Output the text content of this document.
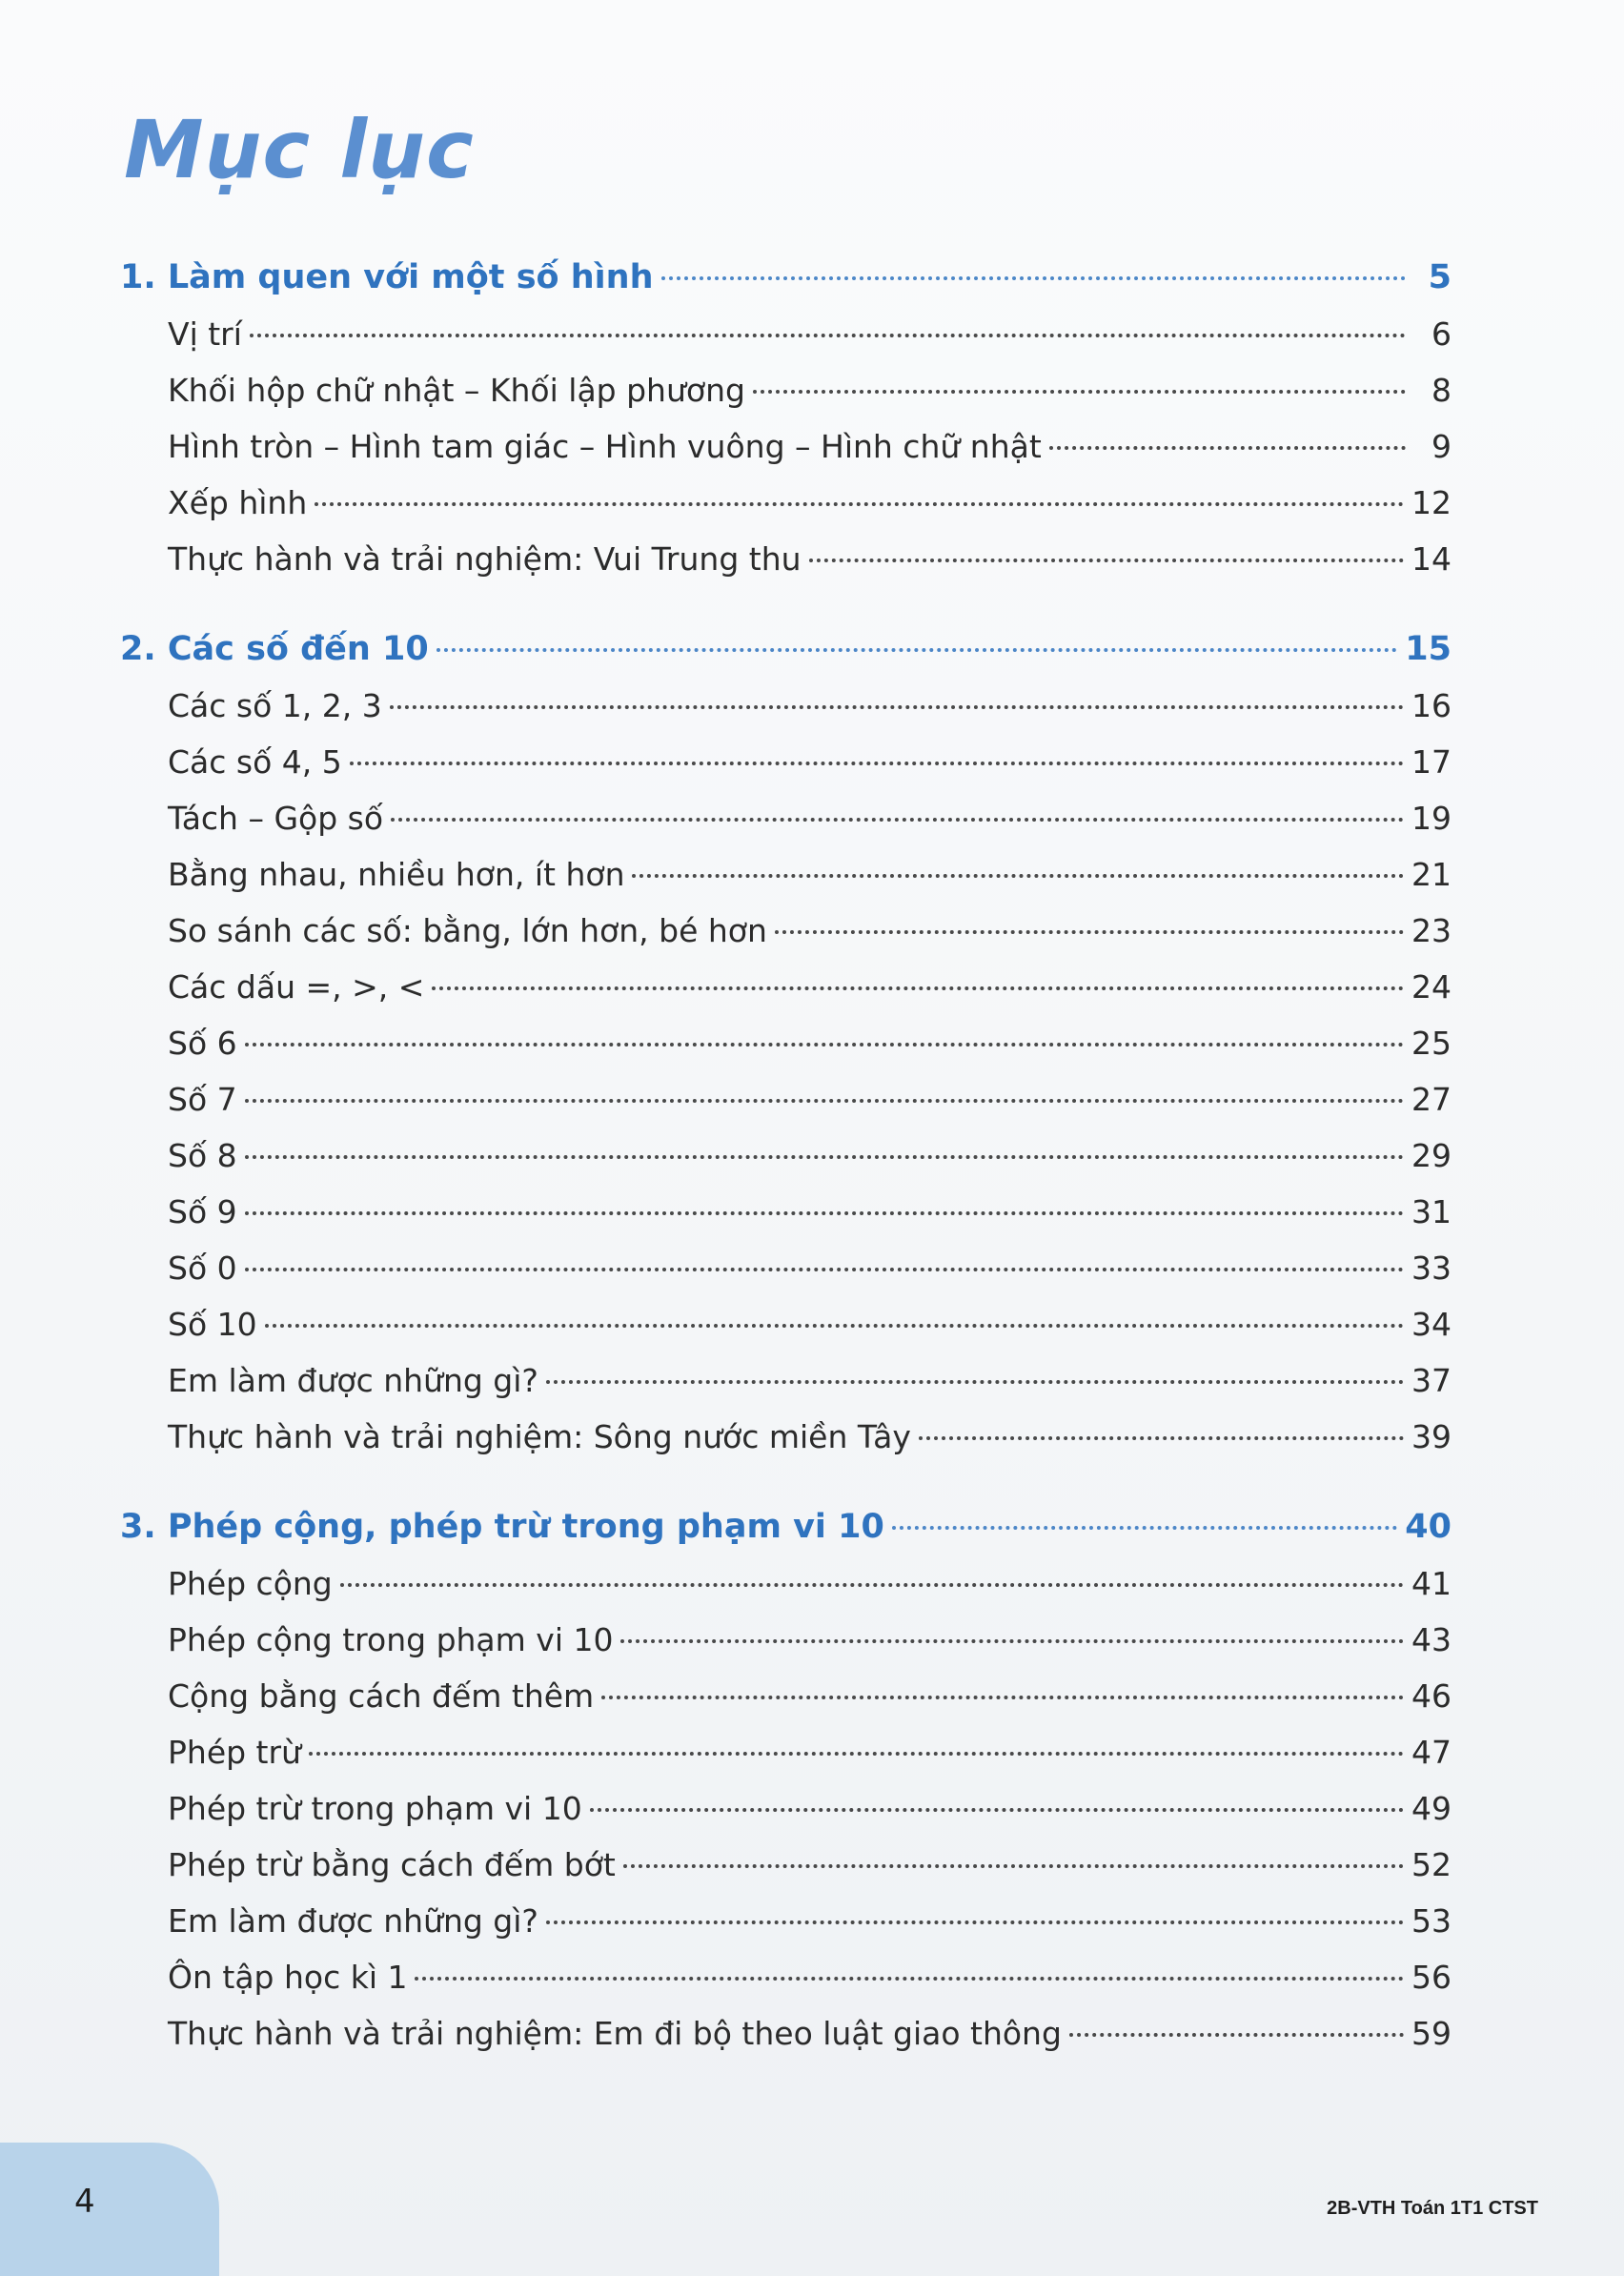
Mục lục
1. Làm quen với một số hình	5
Vị trí	6
Khối hộp chữ nhật – Khối lập phương	8
Hình tròn – Hình tam giác – Hình vuông – Hình chữ nhật	9
Xếp hình	12
Thực hành và trải nghiệm: Vui Trung thu	14
2. Các số đến 10	15
Các số 1, 2, 3	16
Các số 4, 5	17
Tách – Gộp số	19
Bằng nhau, nhiều hơn, ít hơn	21
So sánh các số: bằng, lớn hơn, bé hơn	23
Các dấu =, >, <	24
Số 6	25
Số 7	27
Số 8	29
Số 9	31
Số 0	33
Số 10	34
Em làm được những gì?	37
Thực hành và trải nghiệm: Sông nước miền Tây	39
3. Phép cộng, phép trừ trong phạm vi 10	40
Phép cộng	41
Phép cộng trong phạm vi 10	43
Cộng bằng cách đếm thêm	46
Phép trừ	47
Phép trừ trong phạm vi 10	49
Phép trừ bằng cách đếm bớt	52
Em làm được những gì?	53
Ôn tập học kì 1	56
Thực hành và trải nghiệm: Em đi bộ theo luật giao thông	59
4	2B-VTH Toán 1T1 CTST
